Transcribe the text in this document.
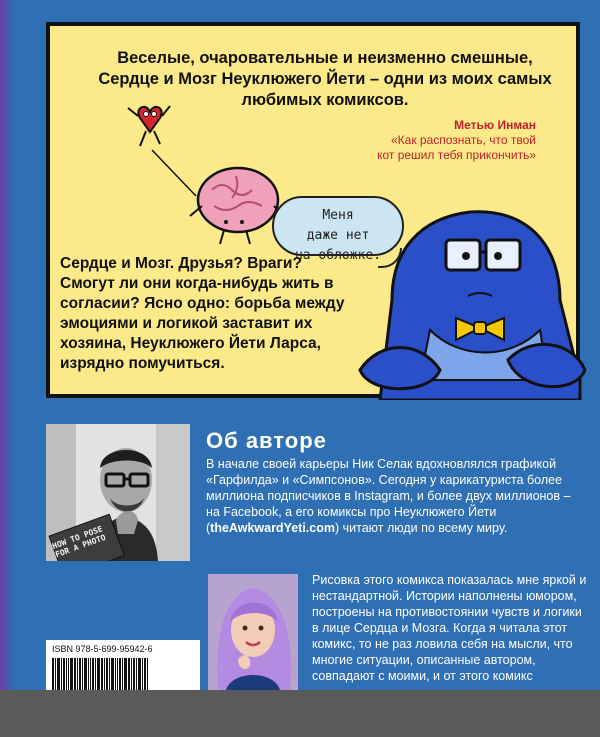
Веселые, очаровательные и неизменно смешные, Сердце и Мозг Неуклюжего Йети – одни из моих самых любимых комиксов.
Метью Инман
«Как распознать, что твой
кот решил тебя прикончить»
Сердце и Мозг. Друзья? Враги? Смогут ли они когда-нибудь жить в согласии? Ясно одно: борьба между эмоциями и логикой заставит их хозяина, Неуклюжего Йети Ларса, изрядно помучиться.
Меня
даже нет
на обложке.
HOW TO POSE FOR A PHOTO
Об авторе
В начале своей карьеры Ник Селак вдохновлялся графикой «Гарфилда» и «Симпсонов». Сегодня у карикатуриста более миллиона подписчиков в Instagram, и более двух миллионов – на Facebook, а его комиксы про Неуклюжего Йети (theAwkwardYeti.com) читают люди по всему миру.
Рисовка этого комикса показалась мне яркой и нестандартной. Истории наполнены юмором, построены на противостоянии чувств и логики в лице Сердца и Мозга. Когда я читала этот комикс, то не раз ловила себя на мысли, что многие ситуации, описанные автором, совпадают с моими, и от этого комикс
ISBN 978-5-699-95942-6
